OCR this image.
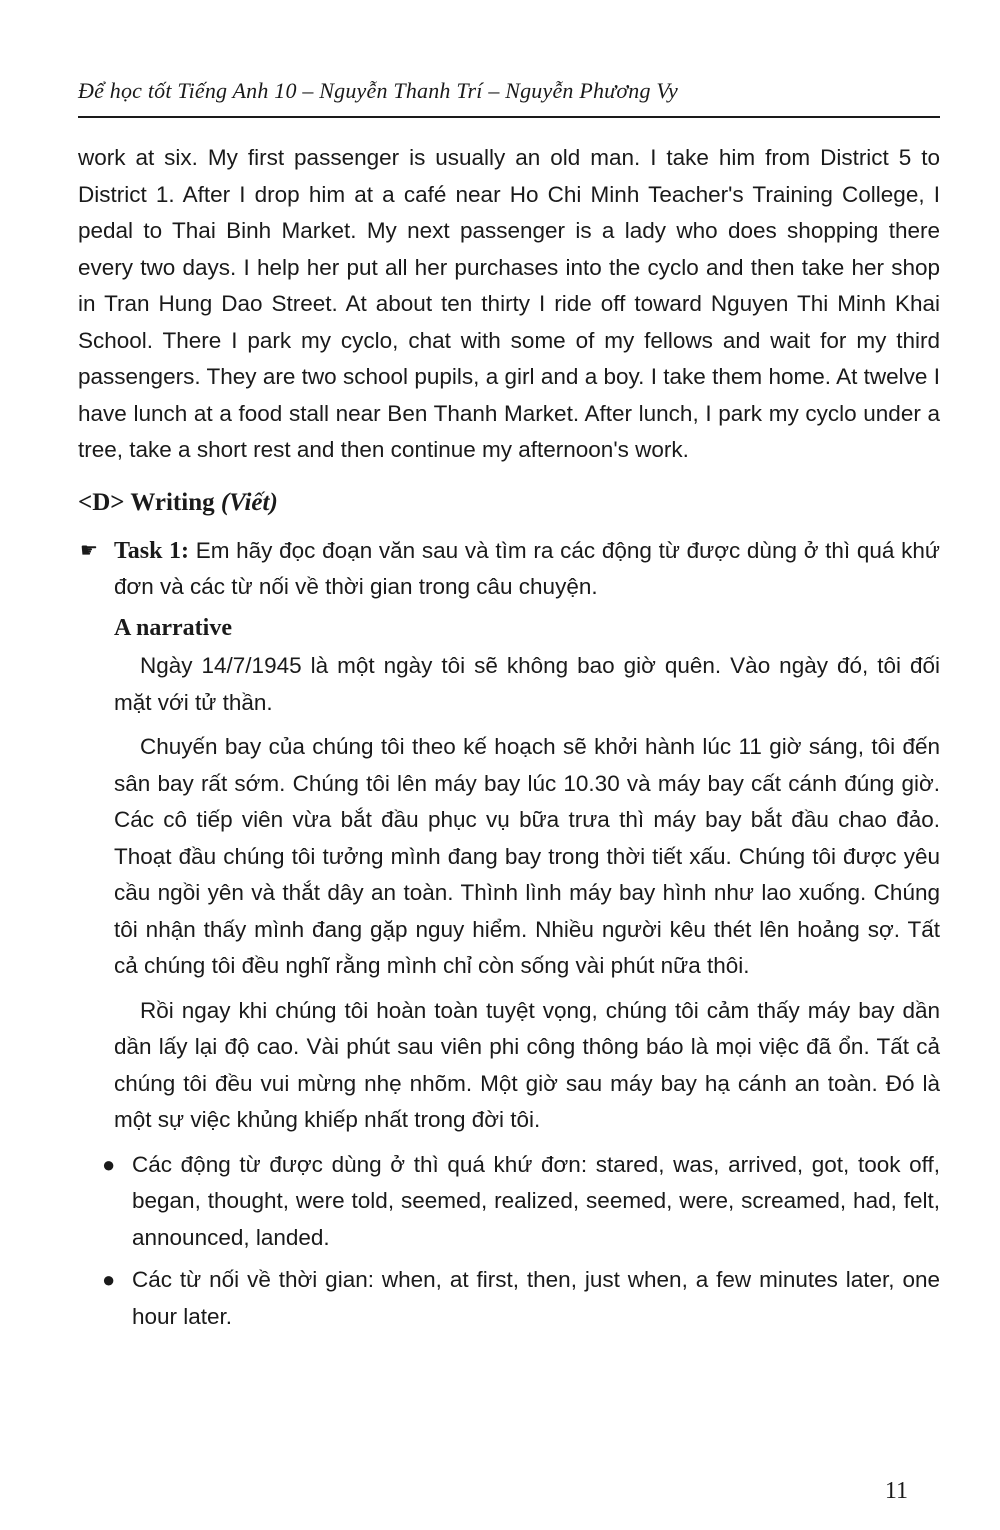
Để học tốt Tiếng Anh 10 – Nguyễn Thanh Trí – Nguyễn Phương Vy

work at six. My first passenger is usually an old man. I take him from District 5 to District 1. After I drop him at a café near Ho Chi Minh Teacher's Training College, I pedal to Thai Binh Market. My next passenger is a lady who does shopping there every two days. I help her put all her purchases into the cyclo and then take her shop in Tran Hung Dao Street. At about ten thirty I ride off toward Nguyen Thi Minh Khai School. There I park my cyclo, chat with some of my fellows and wait for my third passengers. They are two school pupils, a girl and a boy. I take them home. At twelve I have lunch at a food stall near Ben Thanh Market. After lunch, I park my cyclo under a tree, take a short rest and then continue my afternoon's work.

<D> Writing (Viết)

☛ Task 1: Em hãy đọc đoạn văn sau và tìm ra các động từ được dùng ở thì quá khứ đơn và các từ nối về thời gian trong câu chuyện.

A narrative

Ngày 14/7/1945 là một ngày tôi sẽ không bao giờ quên. Vào ngày đó, tôi đối mặt với tử thần.

Chuyến bay của chúng tôi theo kế hoạch sẽ khởi hành lúc 11 giờ sáng, tôi đến sân bay rất sớm. Chúng tôi lên máy bay lúc 10.30 và máy bay cất cánh đúng giờ. Các cô tiếp viên vừa bắt đầu phục vụ bữa trưa thì máy bay bắt đầu chao đảo. Thoạt đầu chúng tôi tưởng mình đang bay trong thời tiết xấu. Chúng tôi được yêu cầu ngồi yên và thắt dây an toàn. Thình lình máy bay hình như lao xuống. Chúng tôi nhận thấy mình đang gặp nguy hiểm. Nhiều người kêu thét lên hoảng sợ. Tất cả chúng tôi đều nghĩ rằng mình chỉ còn sống vài phút nữa thôi.

Rồi ngay khi chúng tôi hoàn toàn tuyệt vọng, chúng tôi cảm thấy máy bay dần dần lấy lại độ cao. Vài phút sau viên phi công thông báo là mọi việc đã ổn. Tất cả chúng tôi đều vui mừng nhẹ nhõm. Một giờ sau máy bay hạ cánh an toàn. Đó là một sự việc khủng khiếp nhất trong đời tôi.

● Các động từ được dùng ở thì quá khứ đơn: stared, was, arrived, got, took off, began, thought, were told, seemed, realized, seemed, were, screamed, had, felt, announced, landed.
● Các từ nối về thời gian: when, at first, then, just when, a few minutes later, one hour later.
11
